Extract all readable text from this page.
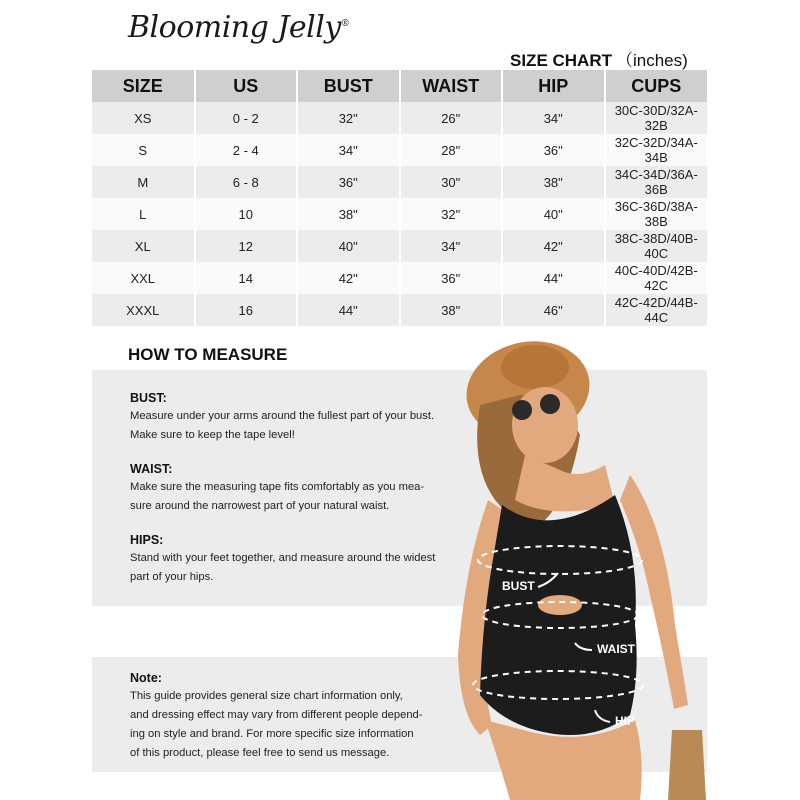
Blooming Jelly®
SIZE CHART （inches)
SIZE	US	BUST	WAIST	HIP	CUPS
XS	0 - 2	32"	26"	34"	30C-30D/32A-32B
S	2 - 4	34"	28"	36"	32C-32D/34A-34B
M	6 - 8	36"	30"	38"	34C-34D/36A-36B
L	10	38"	32"	40"	36C-36D/38A-38B
XL	12	40"	34"	42"	38C-38D/40B-40C
XXL	14	42"	36"	44"	40C-40D/42B-42C
XXXL	16	44"	38"	46"	42C-42D/44B-44C
HOW TO MEASURE
BUST:
Measure under your arms around the fullest part of your bust.
Make sure to keep the tape level!
WAIST:
Make sure the measuring tape fits comfortably as you mea-
sure around the narrowest part of your natural waist.
HIPS:
Stand with your feet together, and measure around the widest
part of your hips.
Note:
This guide provides general size chart information only,
and dressing effect may vary from different people depend-
ing on style and brand. For more specific size information
of this product, please feel free to send us message.
BUST
WAIST
HIP
